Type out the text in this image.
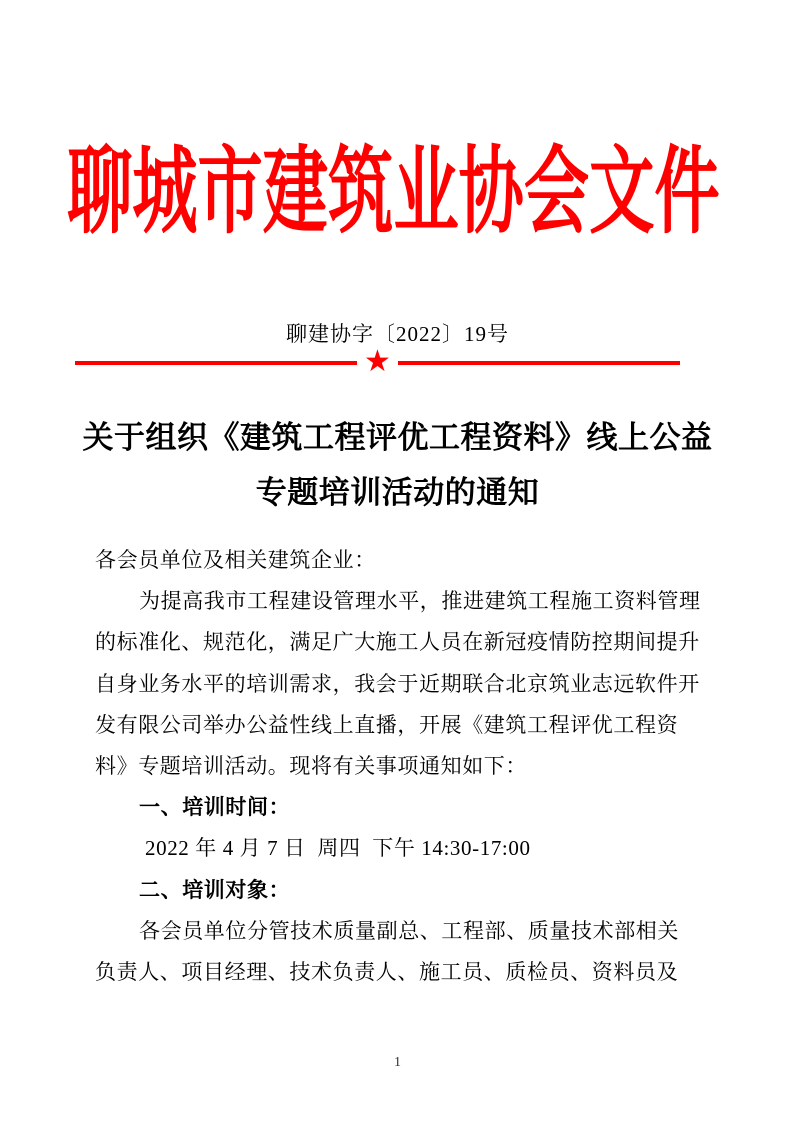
聊城市建筑业协会文件
聊建协字〔2022〕19号
★
关于组织《建筑工程评优工程资料》线上公益
专题培训活动的通知
各会员单位及相关建筑企业：
为提高我市工程建设管理水平，推进建筑工程施工资料管理
的标准化、规范化，满足广大施工人员在新冠疫情防控期间提升
自身业务水平的培训需求，我会于近期联合北京筑业志远软件开
发有限公司举办公益性线上直播，开展《建筑工程评优工程资
料》专题培训活动。现将有关事项通知如下：
一、培训时间：
2022 年 4 月 7 日  周四  下午 14:30-17:00
二、培训对象：
各会员单位分管技术质量副总、工程部、质量技术部相关
负责人、项目经理、技术负责人、施工员、质检员、资料员及
1
